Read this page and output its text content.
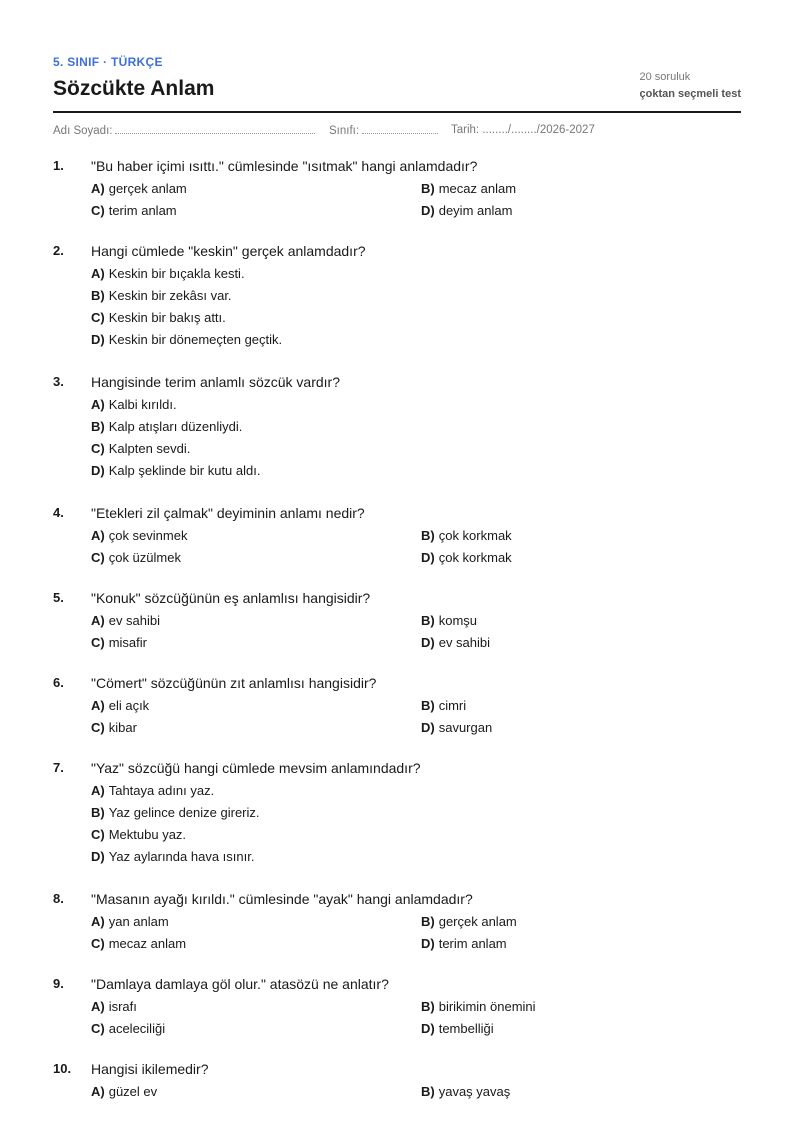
5. SINIF · TÜRKÇE
Sözcükte Anlam	20 soruluk
çoktan seçmeli test
Adı Soyadı:	Sınıfı:	Tarih: ......../......../2026-2027
1. "Bu haber içimi ısıttı." cümlesinde "ısıtmak" hangi anlamdadır?
A) gerçek anlam	B) mecaz anlam
C) terim anlam	D) deyim anlam
2. Hangi cümlede "keskin" gerçek anlamdadır?
A) Keskin bir bıçakla kesti.
B) Keskin bir zekâsı var.
C) Keskin bir bakış attı.
D) Keskin bir dönemeçten geçtik.
3. Hangisinde terim anlamlı sözcük vardır?
A) Kalbi kırıldı.
B) Kalp atışları düzenliydi.
C) Kalpten sevdi.
D) Kalp şeklinde bir kutu aldı.
4. "Etekleri zil çalmak" deyiminin anlamı nedir?
A) çok sevinmek	B) çok korkmak
C) çok üzülmek	D) çok korkmak
5. "Konuk" sözcüğünün eş anlamlısı hangisidir?
A) ev sahibi	B) komşu
C) misafir	D) ev sahibi
6. "Cömert" sözcüğünün zıt anlamlısı hangisidir?
A) eli açık	B) cimri
C) kibar	D) savurgan
7. "Yaz" sözcüğü hangi cümlede mevsim anlamındadır?
A) Tahtaya adını yaz.
B) Yaz gelince denize gireriz.
C) Mektubu yaz.
D) Yaz aylarında hava ısınır.
8. "Masanın ayağı kırıldı." cümlesinde "ayak" hangi anlamdadır?
A) yan anlam	B) gerçek anlam
C) mecaz anlam	D) terim anlam
9. "Damlaya damlaya göl olur." atasözü ne anlatır?
A) israfı	B) birikimin önemini
C) aceleciliği	D) tembelliği
10. Hangisi ikilemedir?
A) güzel ev	B) yavaş yavaş
